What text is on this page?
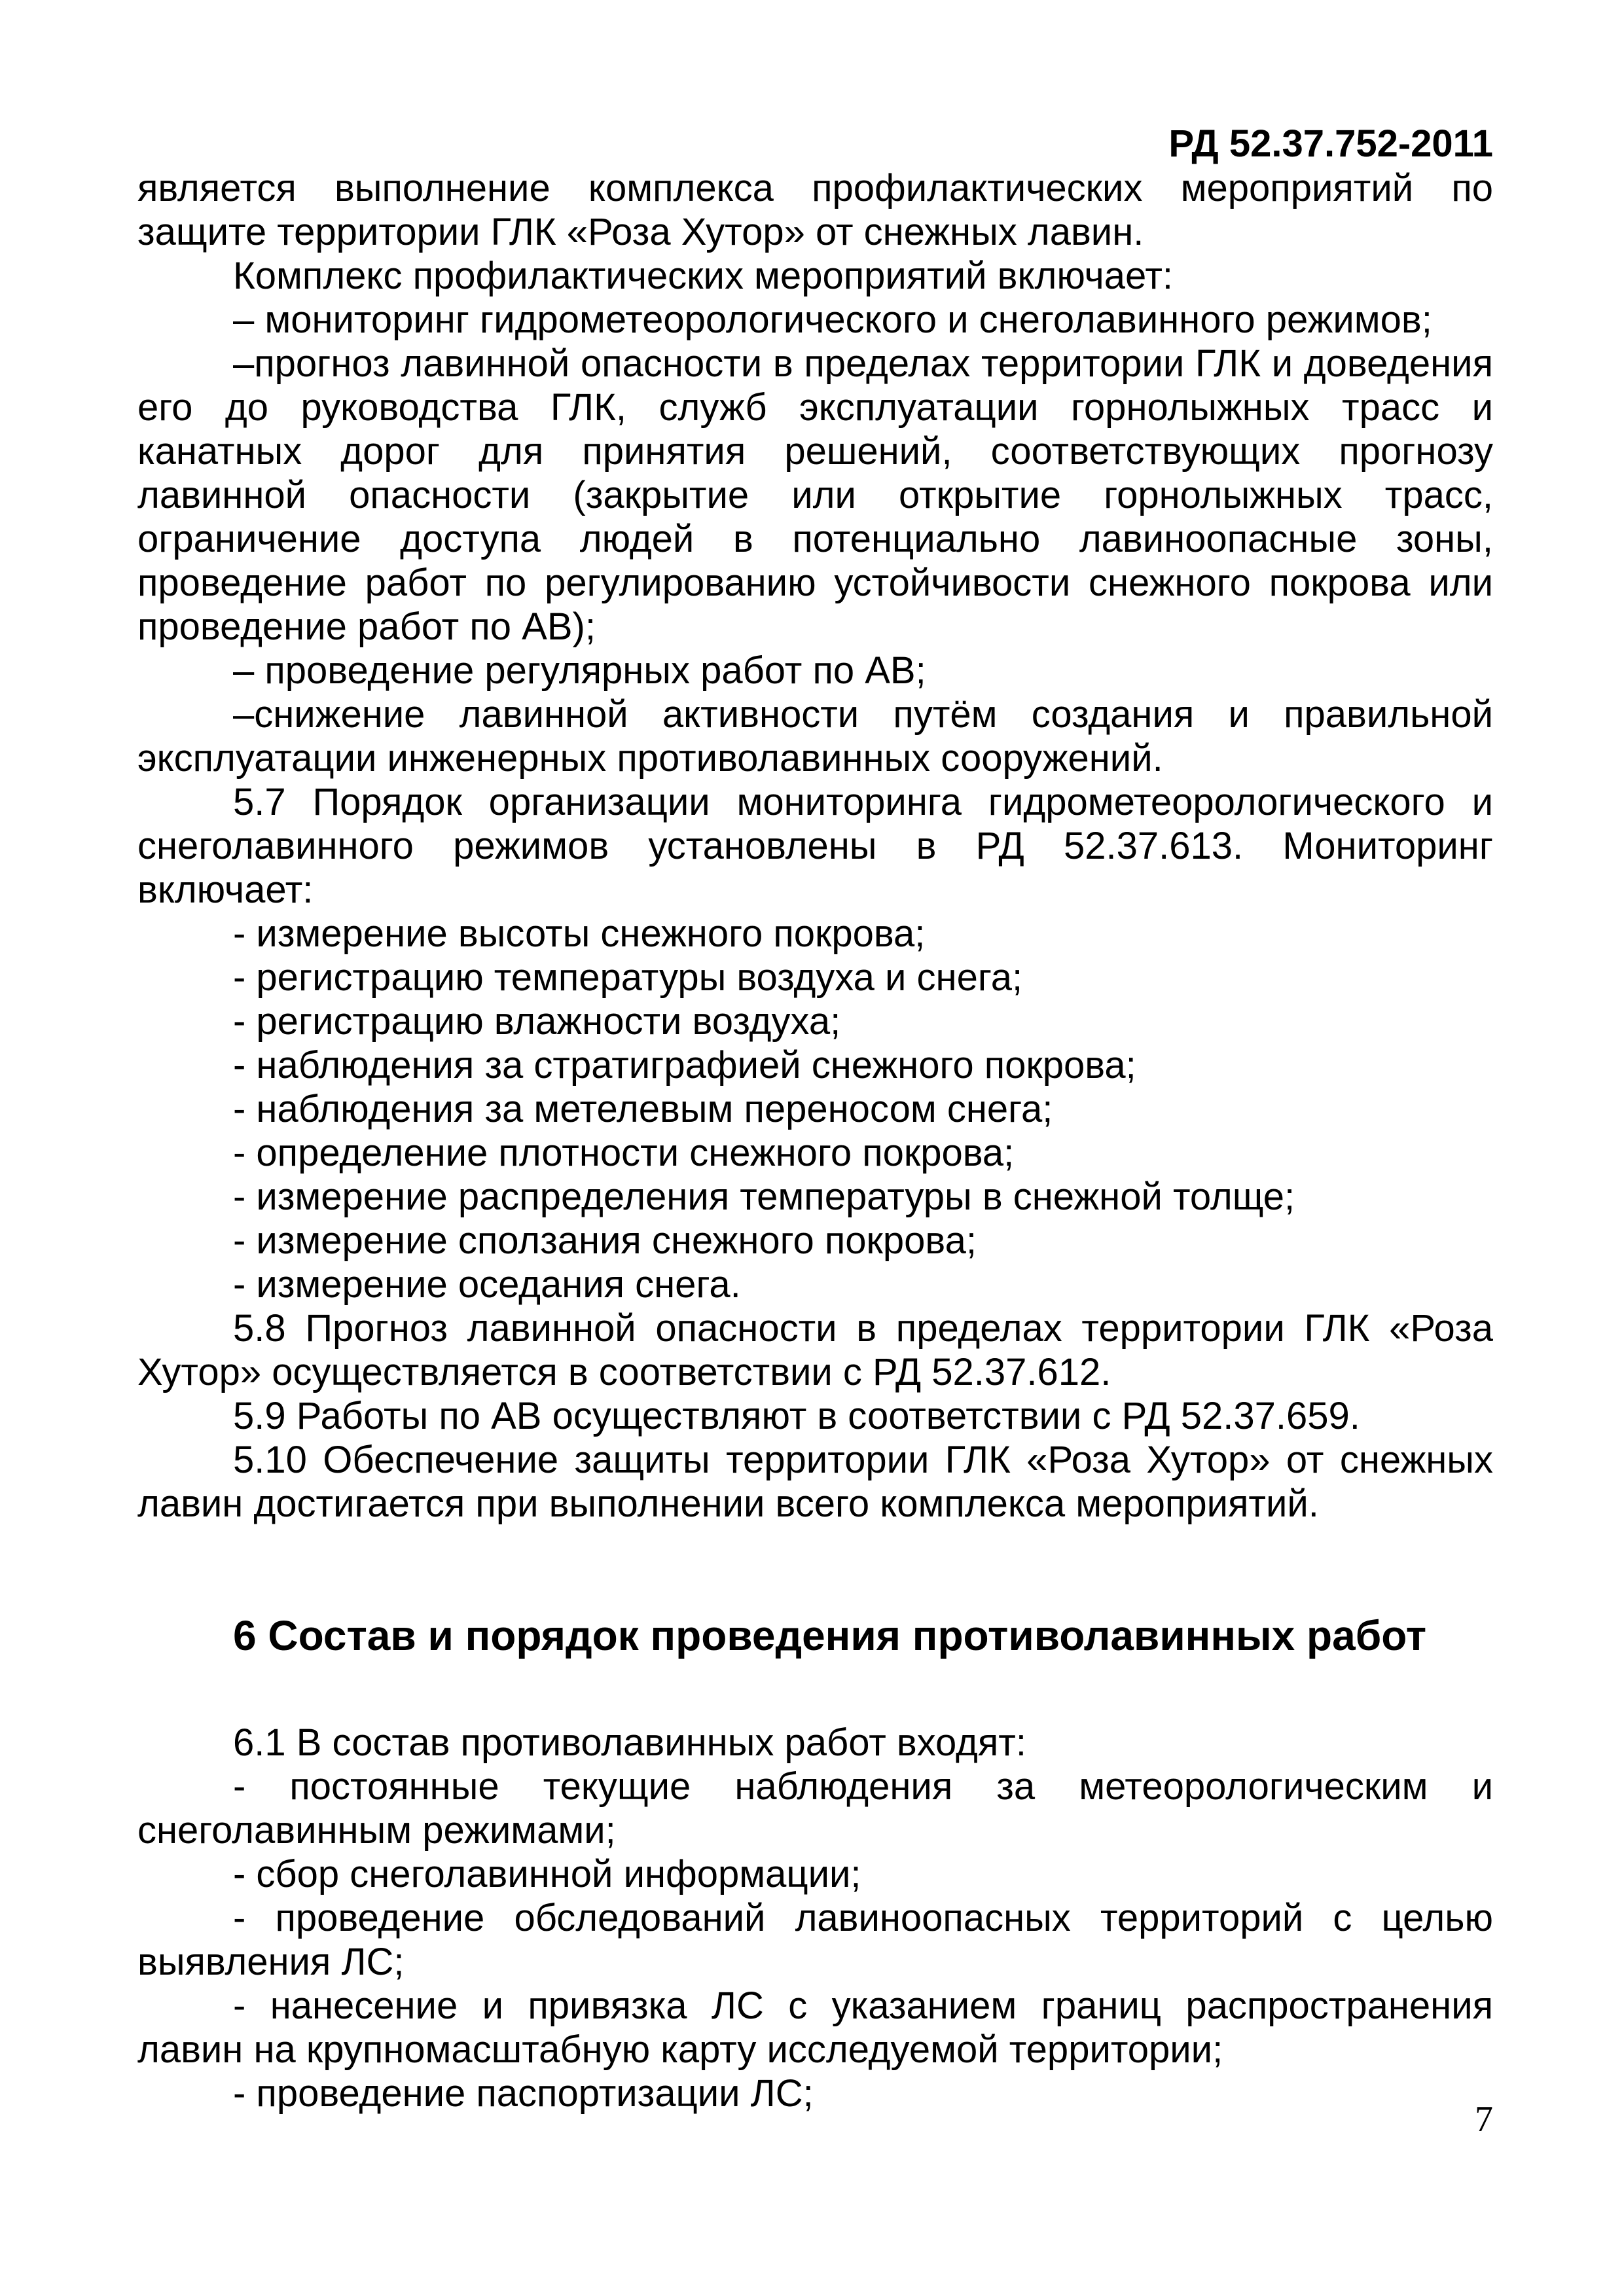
РД 52.37.752-2011

является выполнение комплекса профилактических мероприятий по защите территории ГЛК «Роза Хутор» от снежных лавин.

Комплекс профилактических мероприятий включает:

– мониторинг гидрометеорологического и снеголавинного режимов;

–прогноз лавинной опасности в пределах территории ГЛК и доведения его до руководства ГЛК, служб эксплуатации горнолыжных трасс и канатных дорог для принятия решений, соответствующих прогнозу лавинной опасности (закрытие или открытие горнолыжных трасс, ограничение доступа людей в потенциально лавиноопасные зоны, проведение работ по регулированию устойчивости снежного покрова или проведение работ по АВ);

– проведение регулярных работ по АВ;

–снижение лавинной активности путём создания и правильной эксплуатации инженерных противолавинных сооружений.

5.7 Порядок организации мониторинга гидрометеорологического и снеголавинного режимов установлены в РД 52.37.613. Мониторинг включает:

- измерение высоты снежного покрова;

- регистрацию температуры воздуха и снега;

- регистрацию влажности воздуха;

- наблюдения за стратиграфией снежного покрова;

- наблюдения за метелевым переносом снега;

- определение плотности снежного покрова;

- измерение распределения температуры в снежной толще;

- измерение сползания снежного покрова;

- измерение оседания снега.

5.8 Прогноз лавинной опасности в пределах территории ГЛК «Роза Хутор» осуществляется в соответствии с РД 52.37.612.

5.9 Работы по АВ осуществляют в соответствии с РД 52.37.659.

5.10 Обеспечение защиты территории ГЛК «Роза Хутор» от снежных лавин достигается при выполнении всего комплекса мероприятий.

6 Состав и порядок проведения противолавинных работ

6.1 В состав противолавинных работ входят:

- постоянные текущие наблюдения за метеорологическим и снеголавинным режимами;

- сбор снеголавинной информации;

- проведение обследований лавиноопасных территорий с целью выявления ЛС;

- нанесение и привязка ЛС с указанием границ распространения лавин на крупномасштабную карту исследуемой территории;

- проведение паспортизации ЛС;

7
